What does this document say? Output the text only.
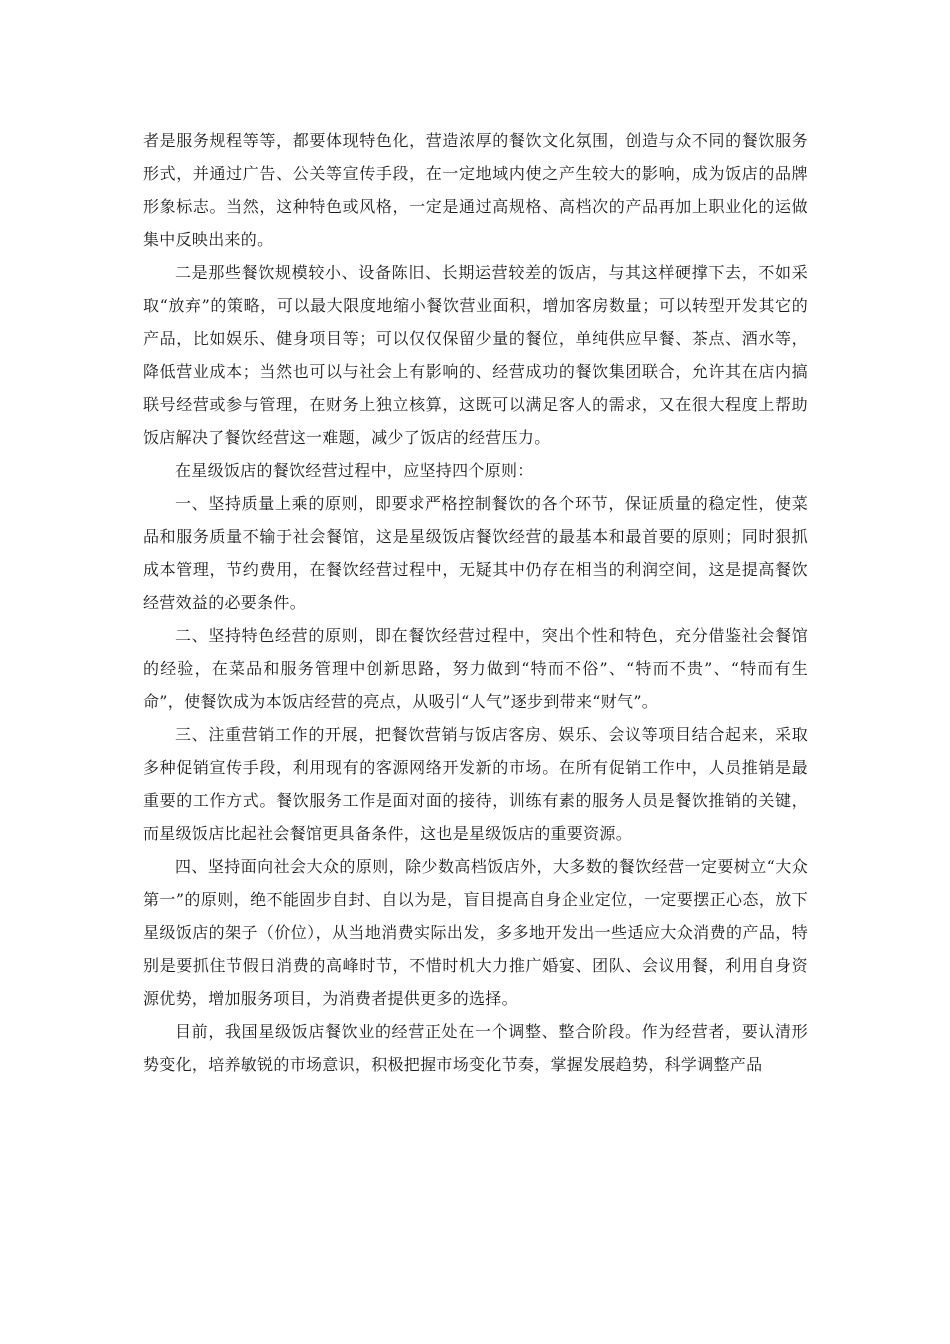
者是服务规程等等，都要体现特色化，营造浓厚的餐饮文化氛围，创造与众不同的餐饮服务形式，并通过广告、公关等宣传手段，在一定地域内使之产生较大的影响，成为饭店的品牌形象标志。当然，这种特色或风格，一定是通过高规格、高档次的产品再加上职业化的运做集中反映出来的。

二是那些餐饮规模较小、设备陈旧、长期运营较差的饭店，与其这样硬撑下去，不如采取“放弃”的策略，可以最大限度地缩小餐饮营业面积，增加客房数量；可以转型开发其它的产品，比如娱乐、健身项目等；可以仅仅保留少量的餐位，单纯供应早餐、茶点、酒水等，降低营业成本；当然也可以与社会上有影响的、经营成功的餐饮集团联合，允许其在店内搞联号经营或参与管理，在财务上独立核算，这既可以满足客人的需求，又在很大程度上帮助饭店解决了餐饮经营这一难题，减少了饭店的经营压力。

在星级饭店的餐饮经营过程中，应坚持四个原则：

一、坚持质量上乘的原则，即要求严格控制餐饮的各个环节，保证质量的稳定性，使菜品和服务质量不输于社会餐馆，这是星级饭店餐饮经营的最基本和最首要的原则；同时狠抓成本管理，节约费用，在餐饮经营过程中，无疑其中仍存在相当的利润空间，这是提高餐饮经营效益的必要条件。

二、坚持特色经营的原则，即在餐饮经营过程中，突出个性和特色，充分借鉴社会餐馆的经验，在菜品和服务管理中创新思路，努力做到“特而不俗”、“特而不贵”、“特而有生命”，使餐饮成为本饭店经营的亮点，从吸引“人气”逐步到带来“财气”。

三、注重营销工作的开展，把餐饮营销与饭店客房、娱乐、会议等项目结合起来，采取多种促销宣传手段，利用现有的客源网络开发新的市场。在所有促销工作中，人员推销是最重要的工作方式。餐饮服务工作是面对面的接待，训练有素的服务人员是餐饮推销的关键，而星级饭店比起社会餐馆更具备条件，这也是星级饭店的重要资源。

四、坚持面向社会大众的原则，除少数高档饭店外，大多数的餐饮经营一定要树立“大众第一”的原则，绝不能固步自封、自以为是，盲目提高自身企业定位，一定要摆正心态，放下星级饭店的架子（价位），从当地消费实际出发，多多地开发出一些适应大众消费的产品，特别是要抓住节假日消费的高峰时节，不惜时机大力推广婚宴、团队、会议用餐，利用自身资源优势，增加服务项目，为消费者提供更多的选择。

目前，我国星级饭店餐饮业的经营正处在一个调整、整合阶段。作为经营者，要认清形势变化，培养敏锐的市场意识，积极把握市场变化节奏，掌握发展趋势，科学调整产品
